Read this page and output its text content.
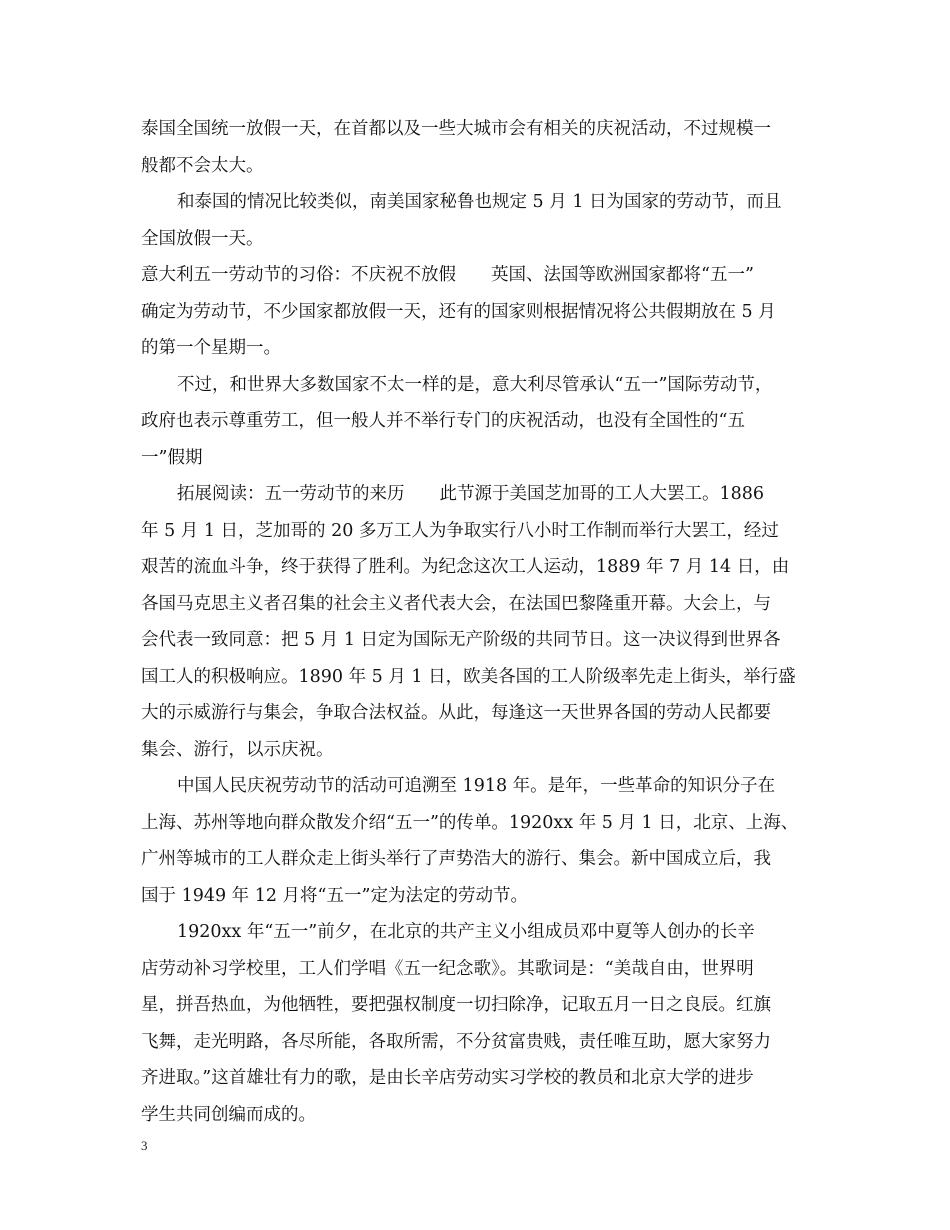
泰国全国统一放假一天，在首都以及一些大城市会有相关的庆祝活动，不过规模一
般都不会太大。
和泰国的情况比较类似，南美国家秘鲁也规定 5 月 1 日为国家的劳动节，而且
全国放假一天。
意大利五一劳动节的习俗：不庆祝不放假　　英国、法国等欧洲国家都将“五一”
确定为劳动节，不少国家都放假一天，还有的国家则根据情况将公共假期放在 5 月
的第一个星期一。
不过，和世界大多数国家不太一样的是，意大利尽管承认“五一”国际劳动节，
政府也表示尊重劳工，但一般人并不举行专门的庆祝活动，也没有全国性的“五
一”假期
拓展阅读：五一劳动节的来历　　此节源于美国芝加哥的工人大罢工。1886
年 5 月 1 日，芝加哥的 20 多万工人为争取实行八小时工作制而举行大罢工，经过
艰苦的流血斗争，终于获得了胜利。为纪念这次工人运动，1889 年 7 月 14 日，由
各国马克思主义者召集的社会主义者代表大会，在法国巴黎隆重开幕。大会上，与
会代表一致同意：把 5 月 1 日定为国际无产阶级的共同节日。这一决议得到世界各
国工人的积极响应。1890 年 5 月 1 日，欧美各国的工人阶级率先走上街头，举行盛
大的示威游行与集会，争取合法权益。从此，每逢这一天世界各国的劳动人民都要
集会、游行，以示庆祝。
中国人民庆祝劳动节的活动可追溯至 1918 年。是年，一些革命的知识分子在
上海、苏州等地向群众散发介绍“五一”的传单。1920xx 年 5 月 1 日，北京、上海、
广州等城市的工人群众走上街头举行了声势浩大的游行、集会。新中国成立后，我
国于 1949 年 12 月将“五一”定为法定的劳动节。
1920xx 年“五一”前夕，在北京的共产主义小组成员邓中夏等人创办的长辛
店劳动补习学校里，工人们学唱《五一纪念歌》。其歌词是：“美哉自由，世界明
星，拼吾热血，为他牺牲，要把强权制度一切扫除净，记取五月一日之良辰。红旗
飞舞，走光明路，各尽所能，各取所需，不分贫富贵贱，责任唯互助，愿大家努力
齐进取。”这首雄壮有力的歌，是由长辛店劳动实习学校的教员和北京大学的进步
学生共同创编而成的。
3
